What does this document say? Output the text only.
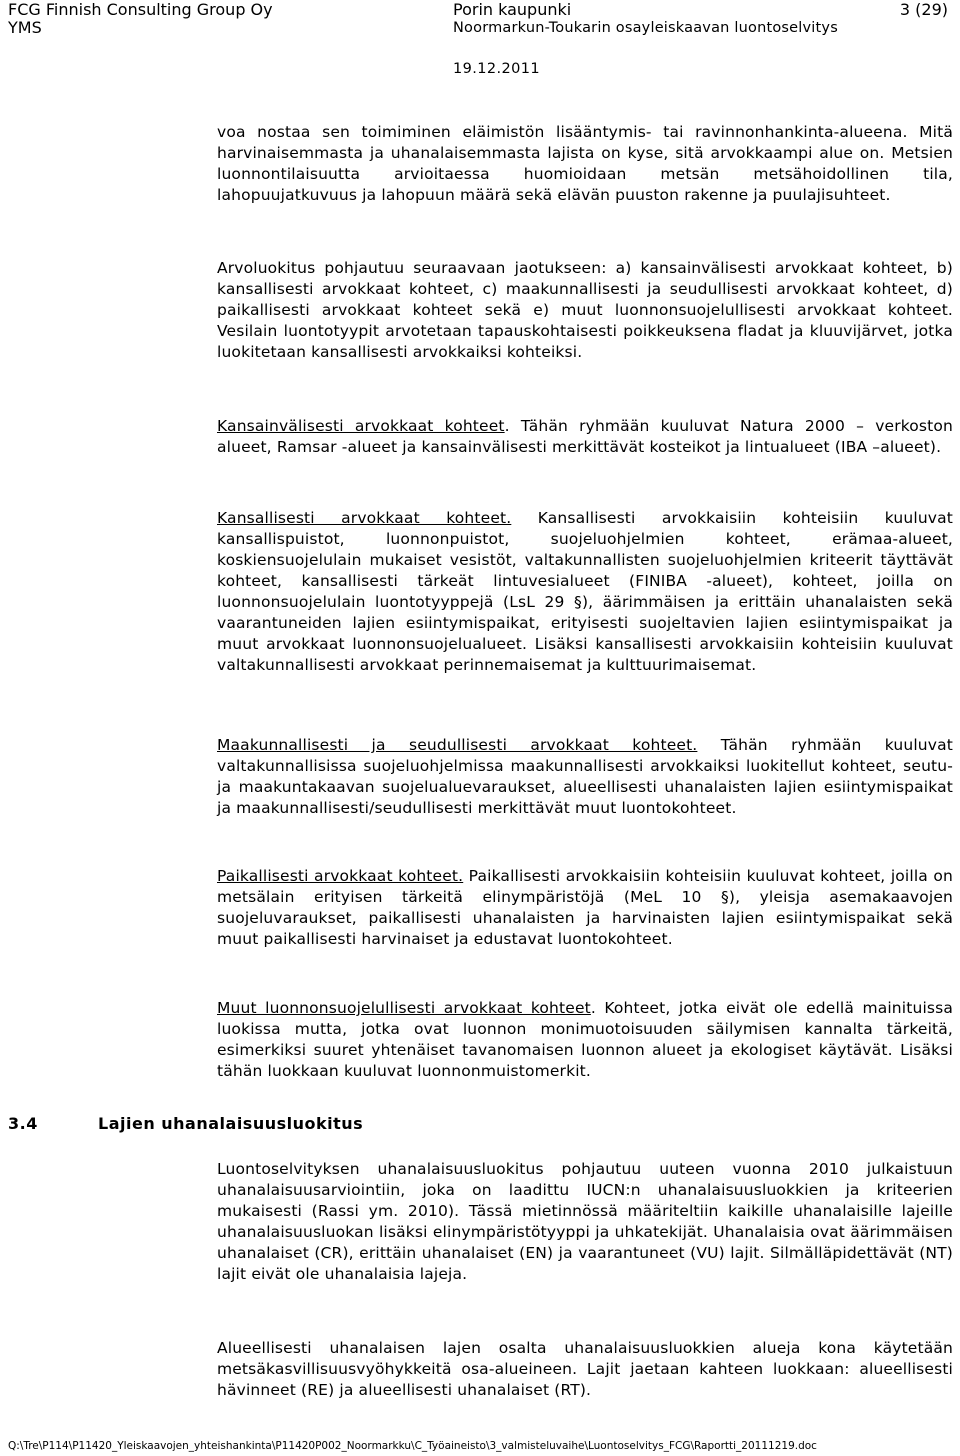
FCG Finnish Consulting Group Oy
YMS
Porin kaupunki	3 (29)
Noormarkun-Toukarin osayleiskaavan luontoselvitys
19.12.2011

voa nostaa sen toimiminen eläimistön lisääntymis- tai ravinnonhankinta-alueena. Mitä harvinaisemmasta ja uhanalaisemmasta lajista on kyse, sitä arvokkaampi alue on. Metsien luonnontilaisuutta arvioitaessa huomioidaan metsän metsähoidollinen tila, lahopuujatkuvuus ja lahopuun määrä sekä elävän puuston rakenne ja puulajisuhteet.

Arvoluokitus pohjautuu seuraavaan jaotukseen: a) kansainvälisesti arvokkaat kohteet, b) kansallisesti arvokkaat kohteet, c) maakunnallisesti ja seudullisesti arvokkaat kohteet, d) paikallisesti arvokkaat kohteet sekä e) muut luonnonsuojelullisesti arvokkaat kohteet. Vesilain luontotyypit arvotetaan tapauskohtaisesti poikkeuksena fladat ja kluuvijärvet, jotka luokitetaan kansallisesti arvokkaiksi kohteiksi.

Kansainvälisesti arvokkaat kohteet. Tähän ryhmään kuuluvat Natura 2000 – verkoston alueet, Ramsar -alueet ja kansainvälisesti merkittävät kosteikot ja lintualueet (IBA –alueet).

Kansallisesti arvokkaat kohteet. Kansallisesti arvokkaisiin kohteisiin kuuluvat kansallispuistot, luonnonpuistot, suojeluohjelmien kohteet, erämaa-alueet, koskiensuojelulain mukaiset vesistöt, valtakunnallisten suojeluohjelmien kriteerit täyttävät kohteet, kansallisesti tärkeät lintuvesialueet (FINIBA -alueet), kohteet, joilla on luonnonsuojelulain luontotyyppejä (LsL 29 §), äärimmäisen ja erittäin uhanalaisten sekä vaarantuneiden lajien esiintymispaikat, erityisesti suojeltavien lajien esiintymispaikat ja muut arvokkaat luonnonsuojelualueet. Lisäksi kansallisesti arvokkaisiin kohteisiin kuuluvat valtakunnallisesti arvokkaat perinnemaisemat ja kulttuurimaisemat.

Maakunnallisesti ja seudullisesti arvokkaat kohteet. Tähän ryhmään kuuluvat valtakunnallisissa suojeluohjelmissa maakunnallisesti arvokkaiksi luokitellut kohteet, seutu- ja maakuntakaavan suojelualuevaraukset, alueellisesti uhanalaisten lajien esiintymispaikat ja maakunnallisesti/seudullisesti merkittävät muut luontokohteet.

Paikallisesti arvokkaat kohteet. Paikallisesti arvokkaisiin kohteisiin kuuluvat kohteet, joilla on metsälain erityisen tärkeitä elinympäristöjä (MeL 10 §), yleisja asemakaavojen suojeluvaraukset, paikallisesti uhanalaisten ja harvinaisten lajien esiintymispaikat sekä muut paikallisesti harvinaiset ja edustavat luontokohteet.

Muut luonnonsuojelullisesti arvokkaat kohteet. Kohteet, jotka eivät ole edellä mainituissa luokissa mutta, jotka ovat luonnon monimuotoisuuden säilymisen kannalta tärkeitä, esimerkiksi suuret yhtenäiset tavanomaisen luonnon alueet ja ekologiset käytävät. Lisäksi tähän luokkaan kuuluvat luonnonmuistomerkit.

3.4	Lajien uhanalaisuusluokitus

Luontoselvityksen uhanalaisuusluokitus pohjautuu uuteen vuonna 2010 julkaistuun uhanalaisuusarviointiin, joka on laadittu IUCN:n uhanalaisuusluokkien ja kriteerien mukaisesti (Rassi ym. 2010). Tässä mietinnössä määriteltiin kaikille uhanalaisille lajeille uhanalaisuusluokan lisäksi elinympäristötyyppi ja uhkatekijät. Uhanalaisia ovat äärimmäisen uhanalaiset (CR), erittäin uhanalaiset (EN) ja vaarantuneet (VU) lajit. Silmälläpidettävät (NT) lajit eivät ole uhanalaisia lajeja.

Alueellisesti uhanalaisen lajen osalta uhanalaisuusluokkien alueja kona käytetään metsäkasvillisuusvyöhykkeitä osa-alueineen. Lajit jaetaan kahteen luokkaan: alueellisesti hävinneet (RE) ja alueellisesti uhanalaiset (RT).

Q:\Tre\P114\P11420_Yleiskaavojen_yhteishankinta\P11420P002_Noormarkku\C_Työaineisto\3_valmisteluvaihe\Luontoselvitys_FCG\Raportti_20111219.doc
